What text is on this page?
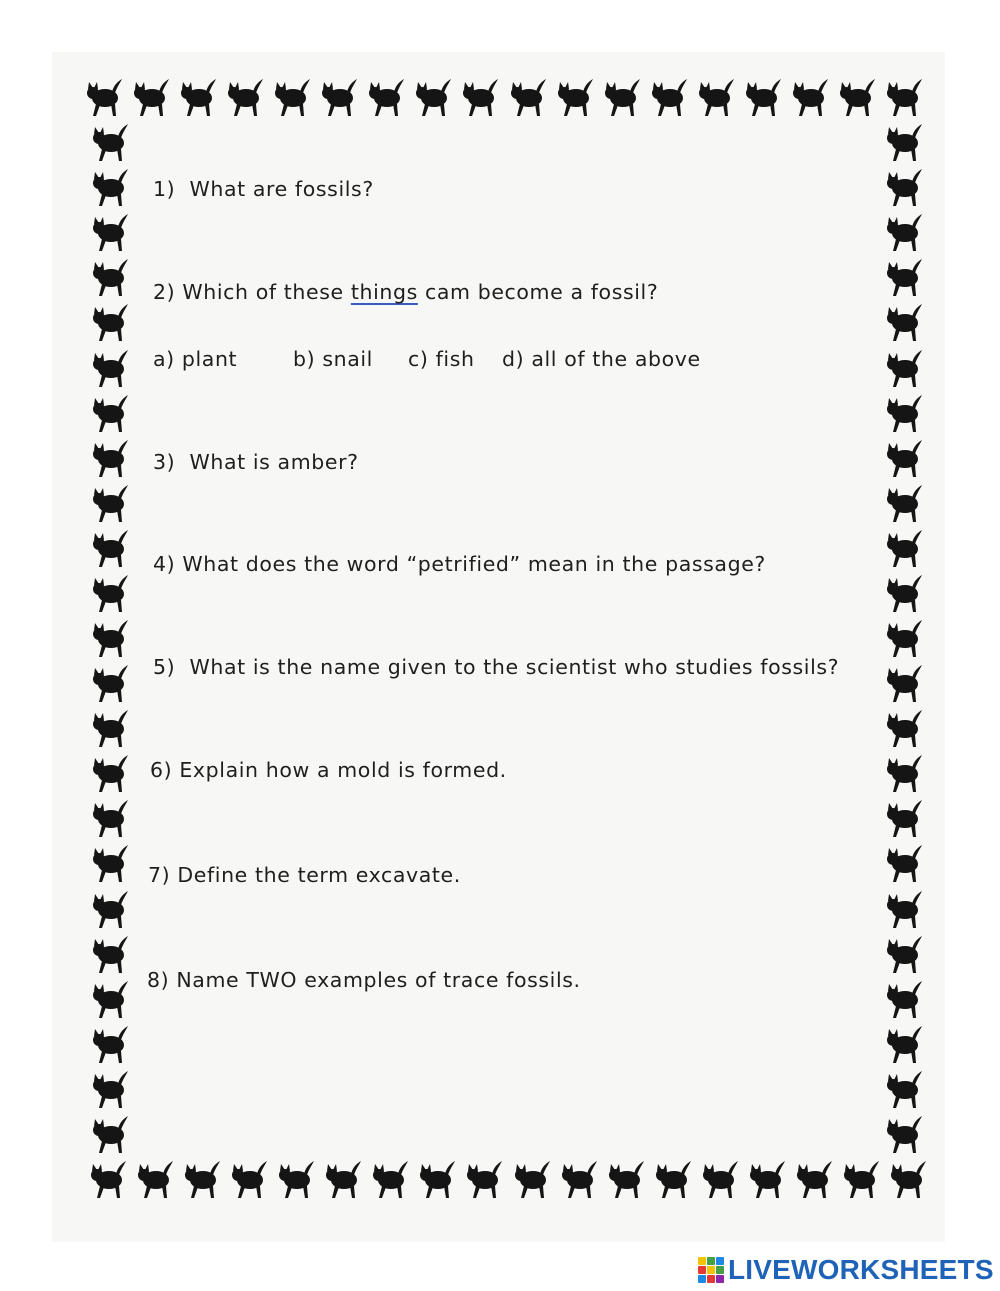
1) What are fossils?

2) Which of these things cam become a fossil?

a) plant	b) snail c) fish d) all of the above

3) What is amber?

4) What does the word “petrified” mean in the passage?

5) What is the name given to the scientist who studies fossils?

6) Explain how a mold is formed.

7) Define the term excavate.

8) Name TWO examples of trace fossils.

LIVEWORKSHEETS
